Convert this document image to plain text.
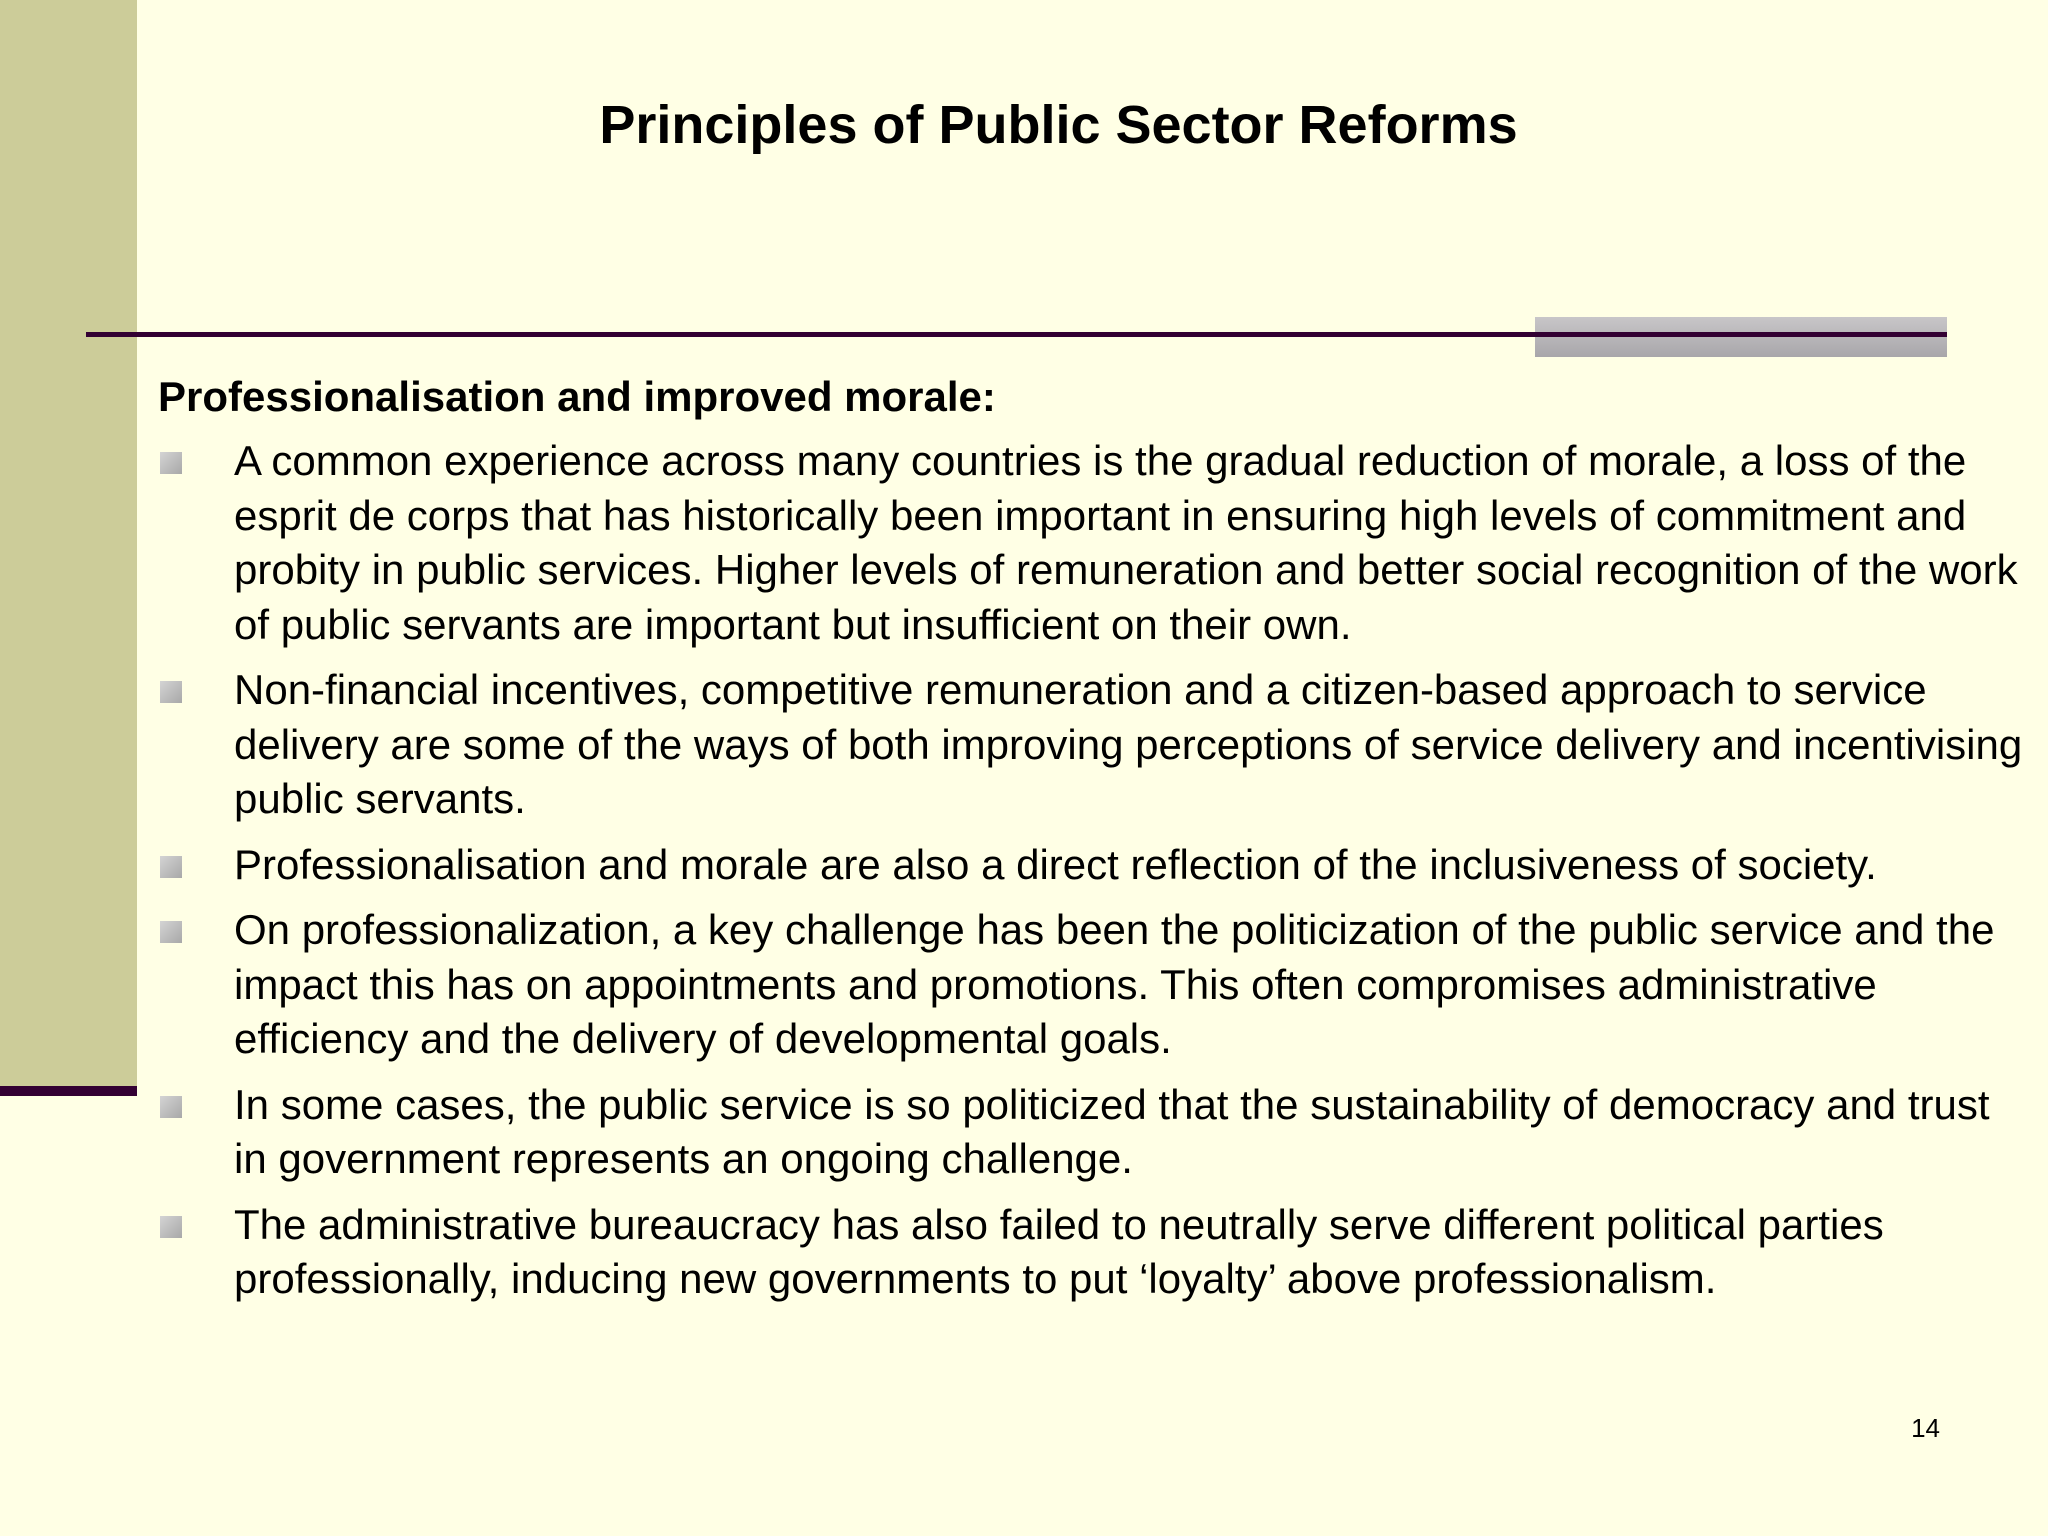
Principles of Public Sector Reforms
Professionalisation and improved morale:
A common experience across many countries is the gradual reduction of morale, a loss of the esprit de corps that has historically been important in ensuring high levels of commitment and probity in public services. Higher levels of remuneration and better social recognition of the work of public servants are important but insufficient on their own.
Non-financial incentives, competitive remuneration and a citizen-based approach to service delivery are some of the ways of both improving perceptions of service delivery and incentivising public servants.
Professionalisation and morale are also a direct reflection of the inclusiveness of society.
On professionalization, a key challenge has been the politicization of the public service and the impact this has on appointments and promotions. This often compromises administrative efficiency and the delivery of developmental goals.
In some cases, the public service is so politicized that the sustainability of democracy and trust in government represents an ongoing challenge.
The administrative bureaucracy has also failed to neutrally serve different political parties professionally, inducing new governments to put ‘loyalty’ above professionalism.
14
